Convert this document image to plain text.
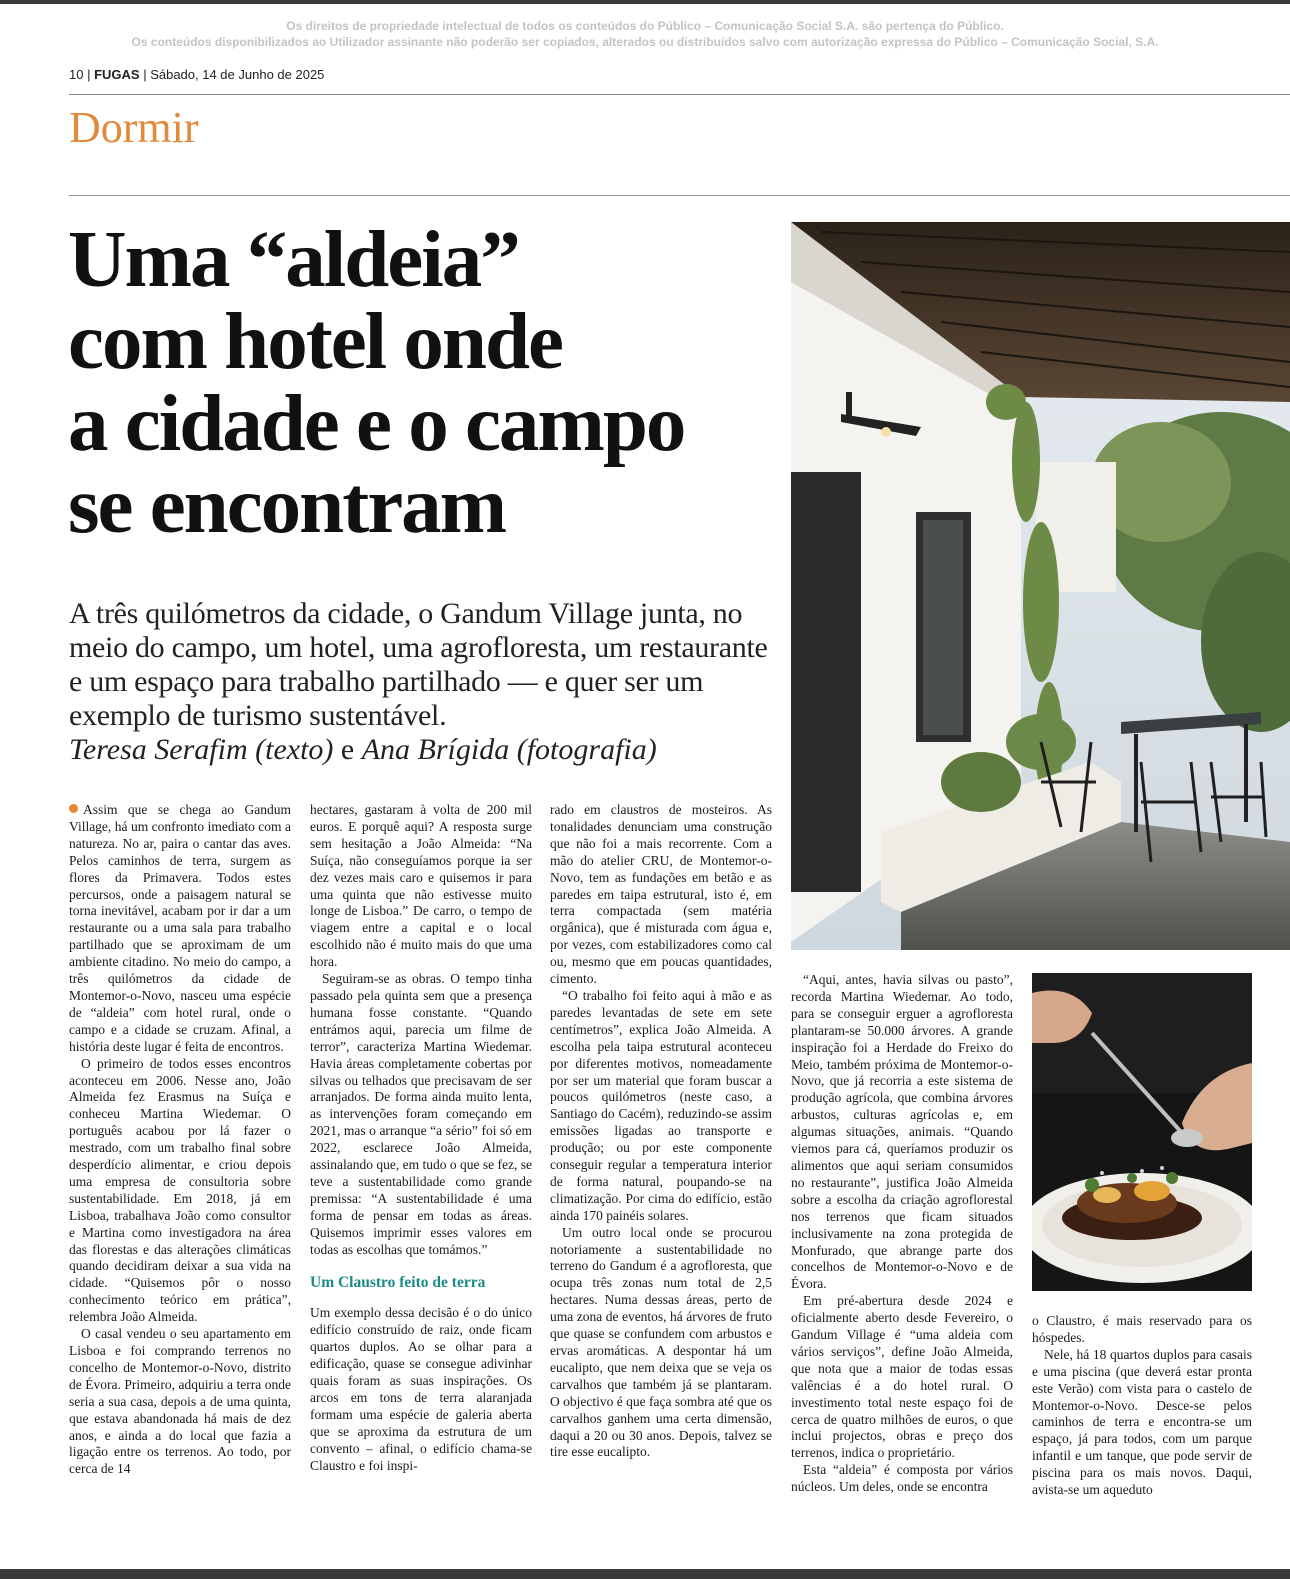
Os direitos de propriedade intelectual de todos os conteúdos do Público – Comunicação Social S.A. são pertença do Público.
Os conteúdos disponibilizados ao Utilizador assinante não poderão ser copiados, alterados ou distribuídos salvo com autorização expressa do Público – Comunicação Social, S.A.
10 | FUGAS | Sábado, 14 de Junho de 2025
Dormir
Uma “aldeia”
com hotel onde
a cidade e o campo
se encontram
A três quilómetros da cidade, o Gandum Village junta, no meio do campo, um hotel, uma agrofloresta, um restaurante e um espaço para trabalho partilhado — e quer ser um exemplo de turismo sustentável.
Teresa Serafim (texto) e Ana Brígida (fotografia)

Assim que se chega ao Gandum Village, há um confronto imediato com a natureza. No ar, paira o cantar das aves. Pelos caminhos de terra, surgem as flores da Primavera. Todos estes percursos, onde a paisagem natural se torna inevitável, acabam por ir dar a um restaurante ou a uma sala para trabalho partilhado que se aproximam de um ambiente citadino. No meio do campo, a três quilómetros da cidade de Montemor-o-Novo, nasceu uma espécie de “aldeia” com hotel rural, onde o campo e a cidade se cruzam. Afinal, a história deste lugar é feita de encontros.

O primeiro de todos esses encontros aconteceu em 2006. Nesse ano, João Almeida fez Erasmus na Suíça e conheceu Martina Wiedemar. O português acabou por lá fazer o mestrado, com um trabalho final sobre desperdício alimentar, e criou depois uma empresa de consultoria sobre sustentabilidade. Em 2018, já em Lisboa, trabalhava João como consultor e Martina como investigadora na área das florestas e das alterações climáticas quando decidiram deixar a sua vida na cidade. “Quisemos pôr o nosso conhecimento teórico em prática”, relembra João Almeida.

O casal vendeu o seu apartamento em Lisboa e foi comprando terrenos no concelho de Montemor-o-Novo, distrito de Évora. Primeiro, adquiriu a terra onde seria a sua casa, depois a de uma quinta, que estava abandonada há mais de dez anos, e ainda a do local que fazia a ligação entre os terrenos. Ao todo, por cerca de 14

hectares, gastaram à volta de 200 mil euros. E porquê aqui? A resposta surge sem hesitação a João Almeida: “Na Suíça, não conseguíamos porque ia ser dez vezes mais caro e quisemos ir para uma quinta que não estivesse muito longe de Lisboa.” De carro, o tempo de viagem entre a capital e o local escolhido não é muito mais do que uma hora.

Seguiram-se as obras. O tempo tinha passado pela quinta sem que a presença humana fosse constante. “Quando entrámos aqui, parecia um filme de terror”, caracteriza Martina Wiedemar. Havia áreas completamente cobertas por silvas ou telhados que precisavam de ser arranjados. De forma ainda muito lenta, as intervenções foram começando em 2021, mas o arranque “a sério” foi só em 2022, esclarece João Almeida, assinalando que, em tudo o que se fez, se teve a sustentabilidade como grande premissa: “A sustentabilidade é uma forma de pensar em todas as áreas. Quisemos imprimir esses valores em todas as escolhas que tomámos.”

Um Claustro feito de terra

Um exemplo dessa decisão é o do único edifício construído de raiz, onde ficam quartos duplos. Ao se olhar para a edificação, quase se consegue adivinhar quais foram as suas inspirações. Os arcos em tons de terra alaranjada formam uma espécie de galeria aberta que se aproxima da estrutura de um convento – afinal, o edifício chama-se Claustro e foi inspi-

rado em claustros de mosteiros. As tonalidades denunciam uma construção que não foi a mais recorrente. Com a mão do atelier CRU, de Montemor-o-Novo, tem as fundações em betão e as paredes em taipa estrutural, isto é, em terra compactada (sem matéria orgânica), que é misturada com água e, por vezes, com estabilizadores como cal ou, mesmo que em poucas quantidades, cimento.

“O trabalho foi feito aqui à mão e as paredes levantadas de sete em sete centímetros”, explica João Almeida. A escolha pela taipa estrutural aconteceu por diferentes motivos, nomeadamente por ser um material que foram buscar a poucos quilómetros (neste caso, a Santiago do Cacém), reduzindo-se assim emissões ligadas ao transporte e produção; ou por este componente conseguir regular a temperatura interior de forma natural, poupando-se na climatização. Por cima do edifício, estão ainda 170 painéis solares.

Um outro local onde se procurou notoriamente a sustentabilidade no terreno do Gandum é a agrofloresta, que ocupa três zonas num total de 2,5 hectares. Numa dessas áreas, perto de uma zona de eventos, há árvores de fruto que quase se confundem com arbustos e ervas aromáticas. A despontar há um eucalipto, que nem deixa que se veja os carvalhos que também já se plantaram. O objectivo é que faça sombra até que os carvalhos ganhem uma certa dimensão, daqui a 20 ou 30 anos. Depois, talvez se tire esse eucalipto.

“Aqui, antes, havia silvas ou pasto”, recorda Martina Wiedemar. Ao todo, para se conseguir erguer a agrofloresta plantaram-se 50.000 árvores. A grande inspiração foi a Herdade do Freixo do Meio, também próxima de Montemor-o-Novo, que já recorria a este sistema de produção agrícola, que combina árvores arbustos, culturas agrícolas e, em algumas situações, animais. “Quando viemos para cá, queríamos produzir os alimentos que aqui seriam consumidos no restaurante”, justifica João Almeida sobre a escolha da criação agroflorestal nos terrenos que ficam situados inclusivamente na zona protegida de Monfurado, que abrange parte dos concelhos de Montemor-o-Novo e de Évora.

Em pré-abertura desde 2024 e oficialmente aberto desde Fevereiro, o Gandum Village é “uma aldeia com vários serviços”, define João Almeida, que nota que a maior de todas essas valências é a do hotel rural. O investimento total neste espaço foi de cerca de quatro milhões de euros, o que inclui projectos, obras e preço dos terrenos, indica o proprietário.

Esta “aldeia” é composta por vários núcleos. Um deles, onde se encontra

o Claustro, é mais reservado para os hóspedes.

Nele, há 18 quartos duplos para casais e uma piscina (que deverá estar pronta este Verão) com vista para o castelo de Montemor-o-Novo. Desce-se pelos caminhos de terra e encontra-se um espaço, já para todos, com um parque infantil e um tanque, que pode servir de piscina para os mais novos. Daqui, avista-se um aqueduto
